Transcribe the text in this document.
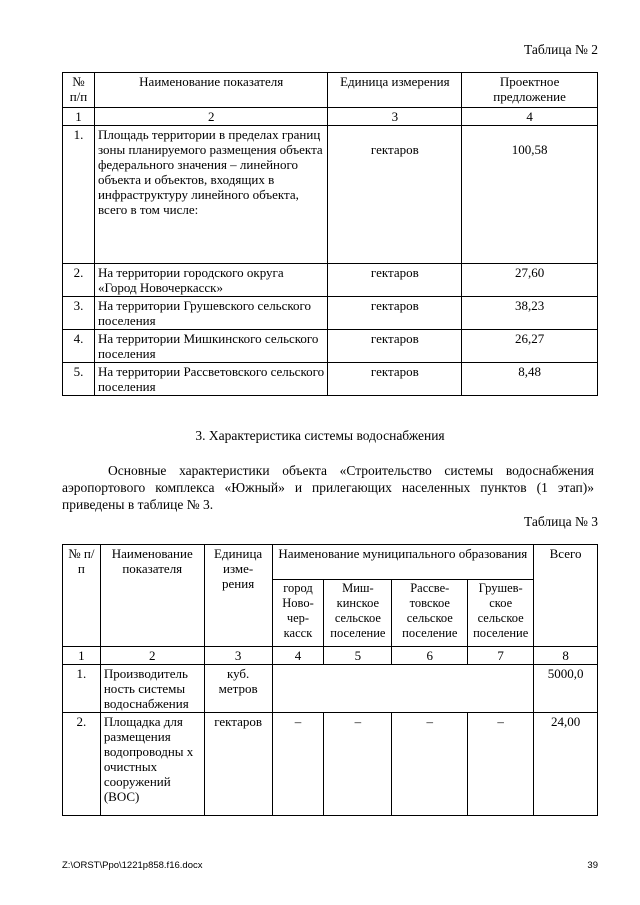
Таблица № 2
№ п/п	Наименование показателя	Единица измерения	Проектное предложение
1	2	3	4
1.	Площадь территории в пределах границ зоны планируемого размещения объекта федерального значения – линейного объекта и объектов, входящих в инфраструктуру линейного объекта, всего в том числе:	гектаров	100,58
2.	На территории городского округа «Город Новочеркасск»	гектаров	27,60
3.	На территории Грушевского сельского поселения	гектаров	38,23
4.	На территории Мишкинского сельского поселения	гектаров	26,27
5.	На территории Рассветовского сельского поселения	гектаров	8,48
3. Характеристика системы водоснабжения
Основные характеристики объекта «Строительство системы водоснабжения аэропортового комплекса «Южный» и прилегающих населенных пунктов (1 этап)» приведены в таблице № 3.
Таблица № 3
№ п/п	Наименование показателя	Единица изме-рения	Наименование муниципального образования				Всего
			город Ново-чер-касск	Миш-кинское сельское поселение	Рассве-товское сельское поселение	Грушев-ское сельское поселение	
1	2	3	4	5	6	7	8
1.	Производитель ность системы водоснабжения	куб. метров					5000,0
2.	Площадка для размещения водопроводны х очистных сооружений (ВОС)	гектаров	–	–	–	–	24,00
Z:\ORST\Ppo\1221p858.f16.docx	39
